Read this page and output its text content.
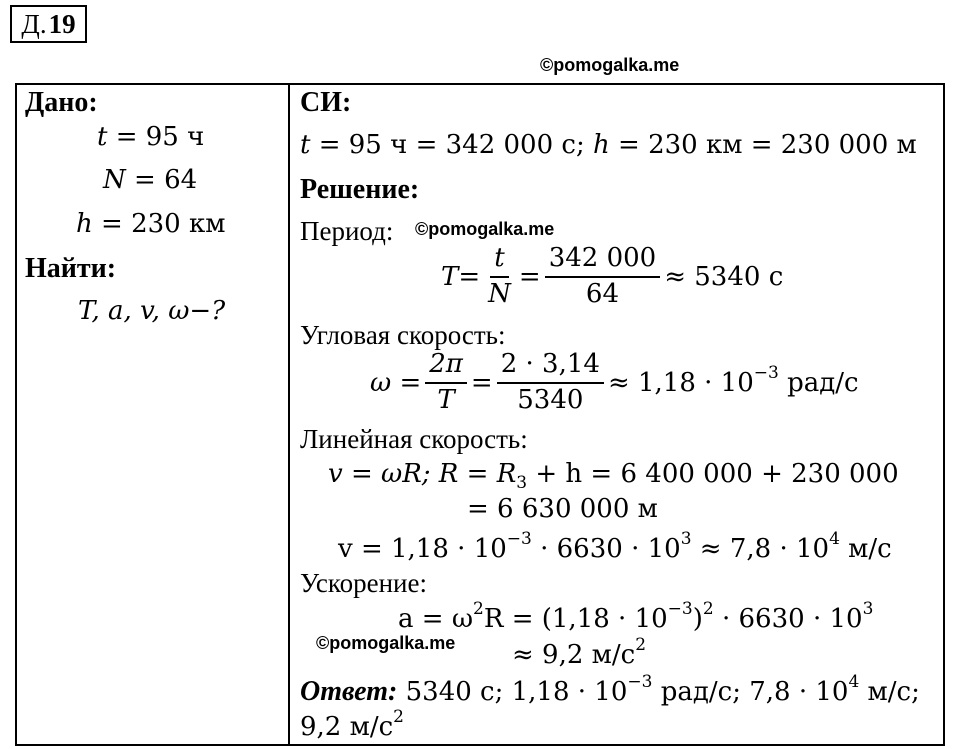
Д. 19
©pomogalka.me
Дано:
t = 95 ч
N = 64
h = 230 км
Найти:
T, a, v, ω−?
СИ:
t = 95 ч = 342 000 с; h = 230 км = 230 000 м
Решение:
Период: ©pomogalka.me
$T = \frac{t}{N} = \frac{342 000}{64} \approx 5340$ с
Угловая скорость:
$\omega = \frac{2\pi}{T} = \frac{2 \cdot 3,14}{5340} \approx 1,18 \cdot 10^{-3}$ рад/с
Линейная скорость:
v = ωR; $R = R_3 + h = 6$ 400 000 + 230 000
= 6 630 000 м
$v = 1,18 \cdot 10^{-3} \cdot 6630 \cdot 10^3 \approx 7,8 \cdot 10^4$ м/с
Ускорение:
$a = \omega^2R = (1,18 \cdot 10^{-3})^2 \cdot 6630 \cdot 10^3$
©pomogalka.me ≈ 9,2 $м/с^2$
Ответ: 5340 с; $1,18 \cdot 10^{-3}$ рад/с; $7,8 \cdot 10^4$ м/с;
9,2 $м/с^2$
